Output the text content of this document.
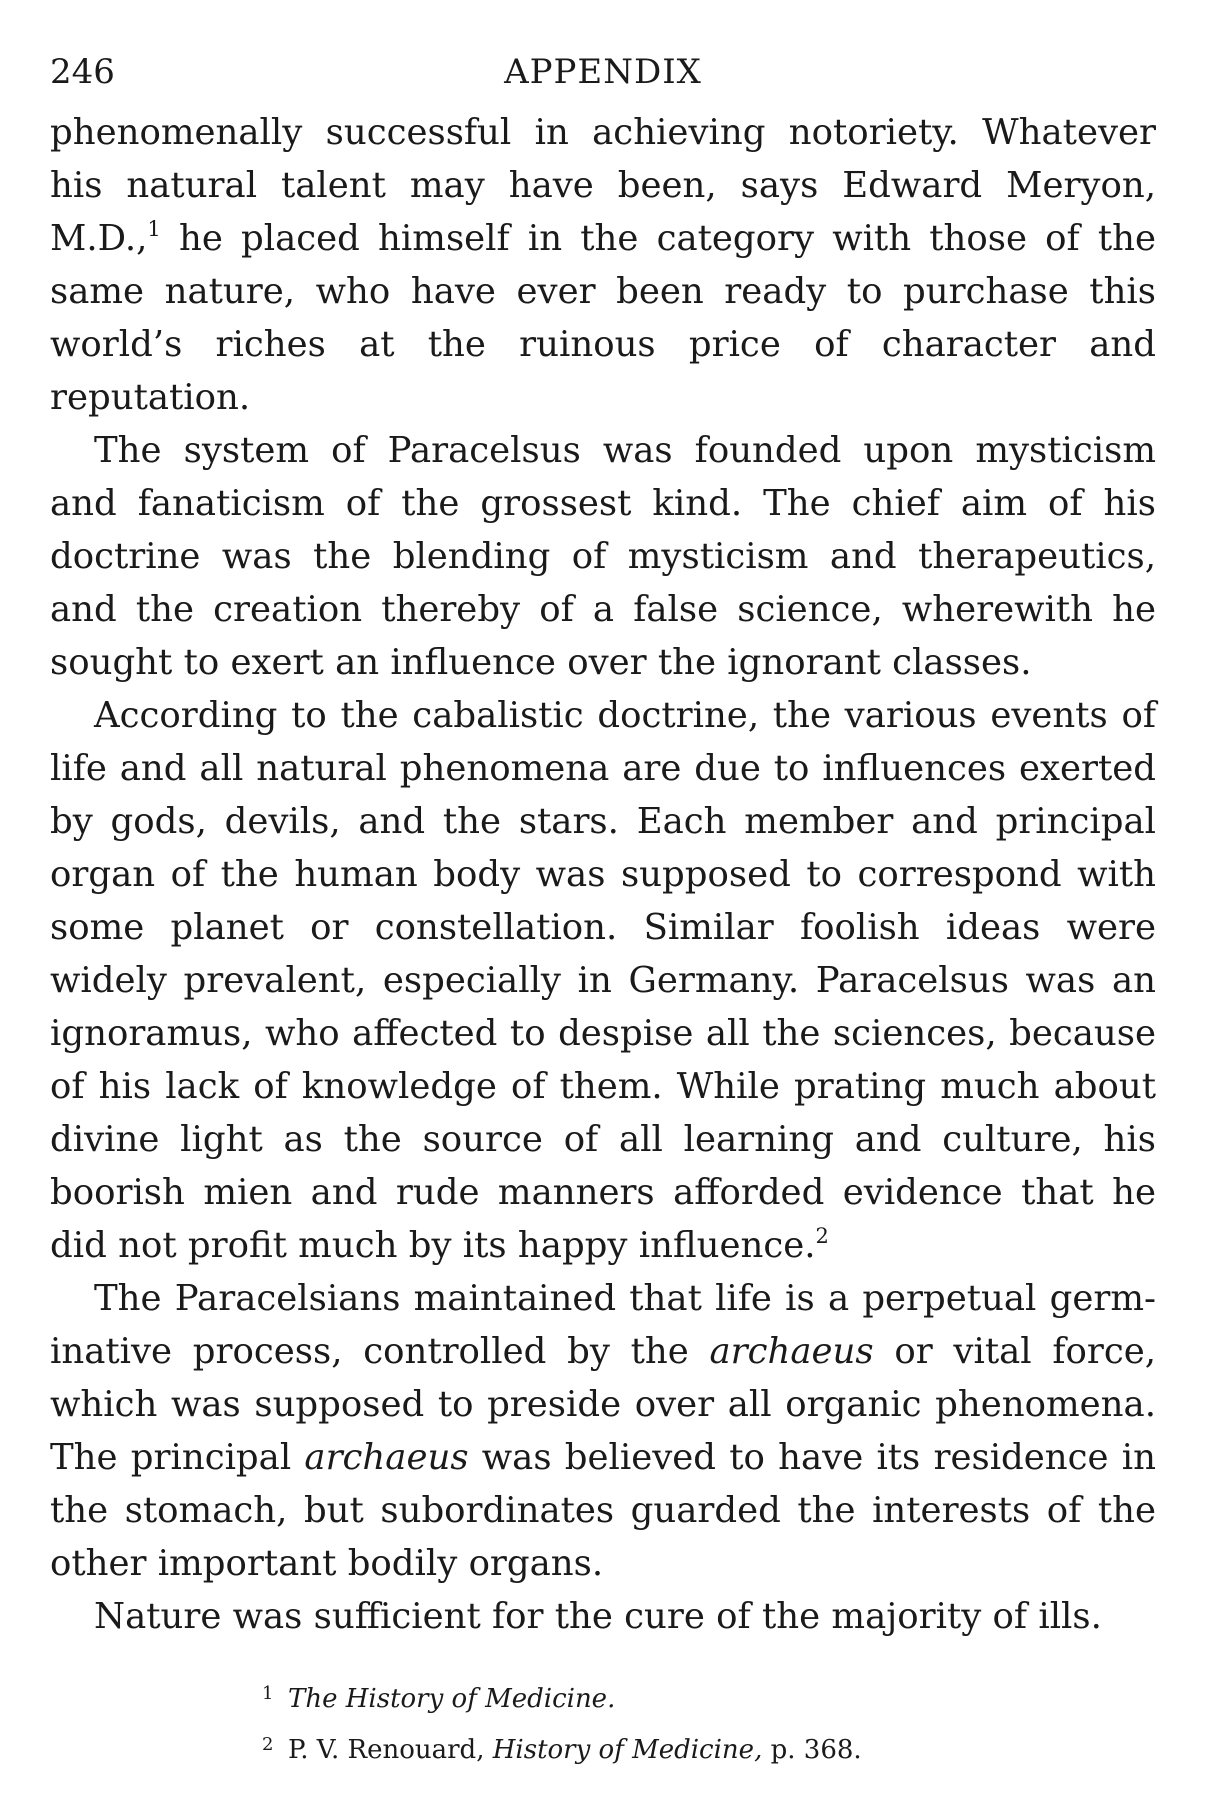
246	APPENDIX

phenomenally successful in achieving notoriety. Whatever his natural talent may have been, says Edward Meryon, M.D.,$^1$ he placed himself in the category with those of the same nature, who have ever been ready to purchase this world’s riches at the ruinous price of character and reputation.

The system of Paracelsus was founded upon mysticism and fanaticism of the grossest kind. The chief aim of his doctrine was the blending of mysticism and therapeutics, and the creation thereby of a false science, wherewith he sought to exert an influence over the ignorant classes.

According to the cabalistic doctrine, the various events of life and all natural phenomena are due to influences exerted by gods, devils, and the stars. Each member and principal organ of the human body was supposed to correspond with some planet or constellation. Similar foolish ideas were widely prevalent, especially in Germany. Paracelsus was an ignoramus, who affected to despise all the sciences, because of his lack of knowledge of them. While prating much about divine light as the source of all learning and culture, his boorish mien and rude manners afforded evidence that he did not profit much by its happy influence.$^2$

The Paracelsians maintained that life is a perpetual germinative process, controlled by the archaeus or vital force, which was supposed to preside over all organic phenomena. The principal archaeus was believed to have its residence in the stomach, but subordinates guarded the interests of the other important bodily organs.

Nature was sufficient for the cure of the majority of ills.

1 The History of Medicine.

2 P. V. Renouard, History of Medicine, p. 368.
